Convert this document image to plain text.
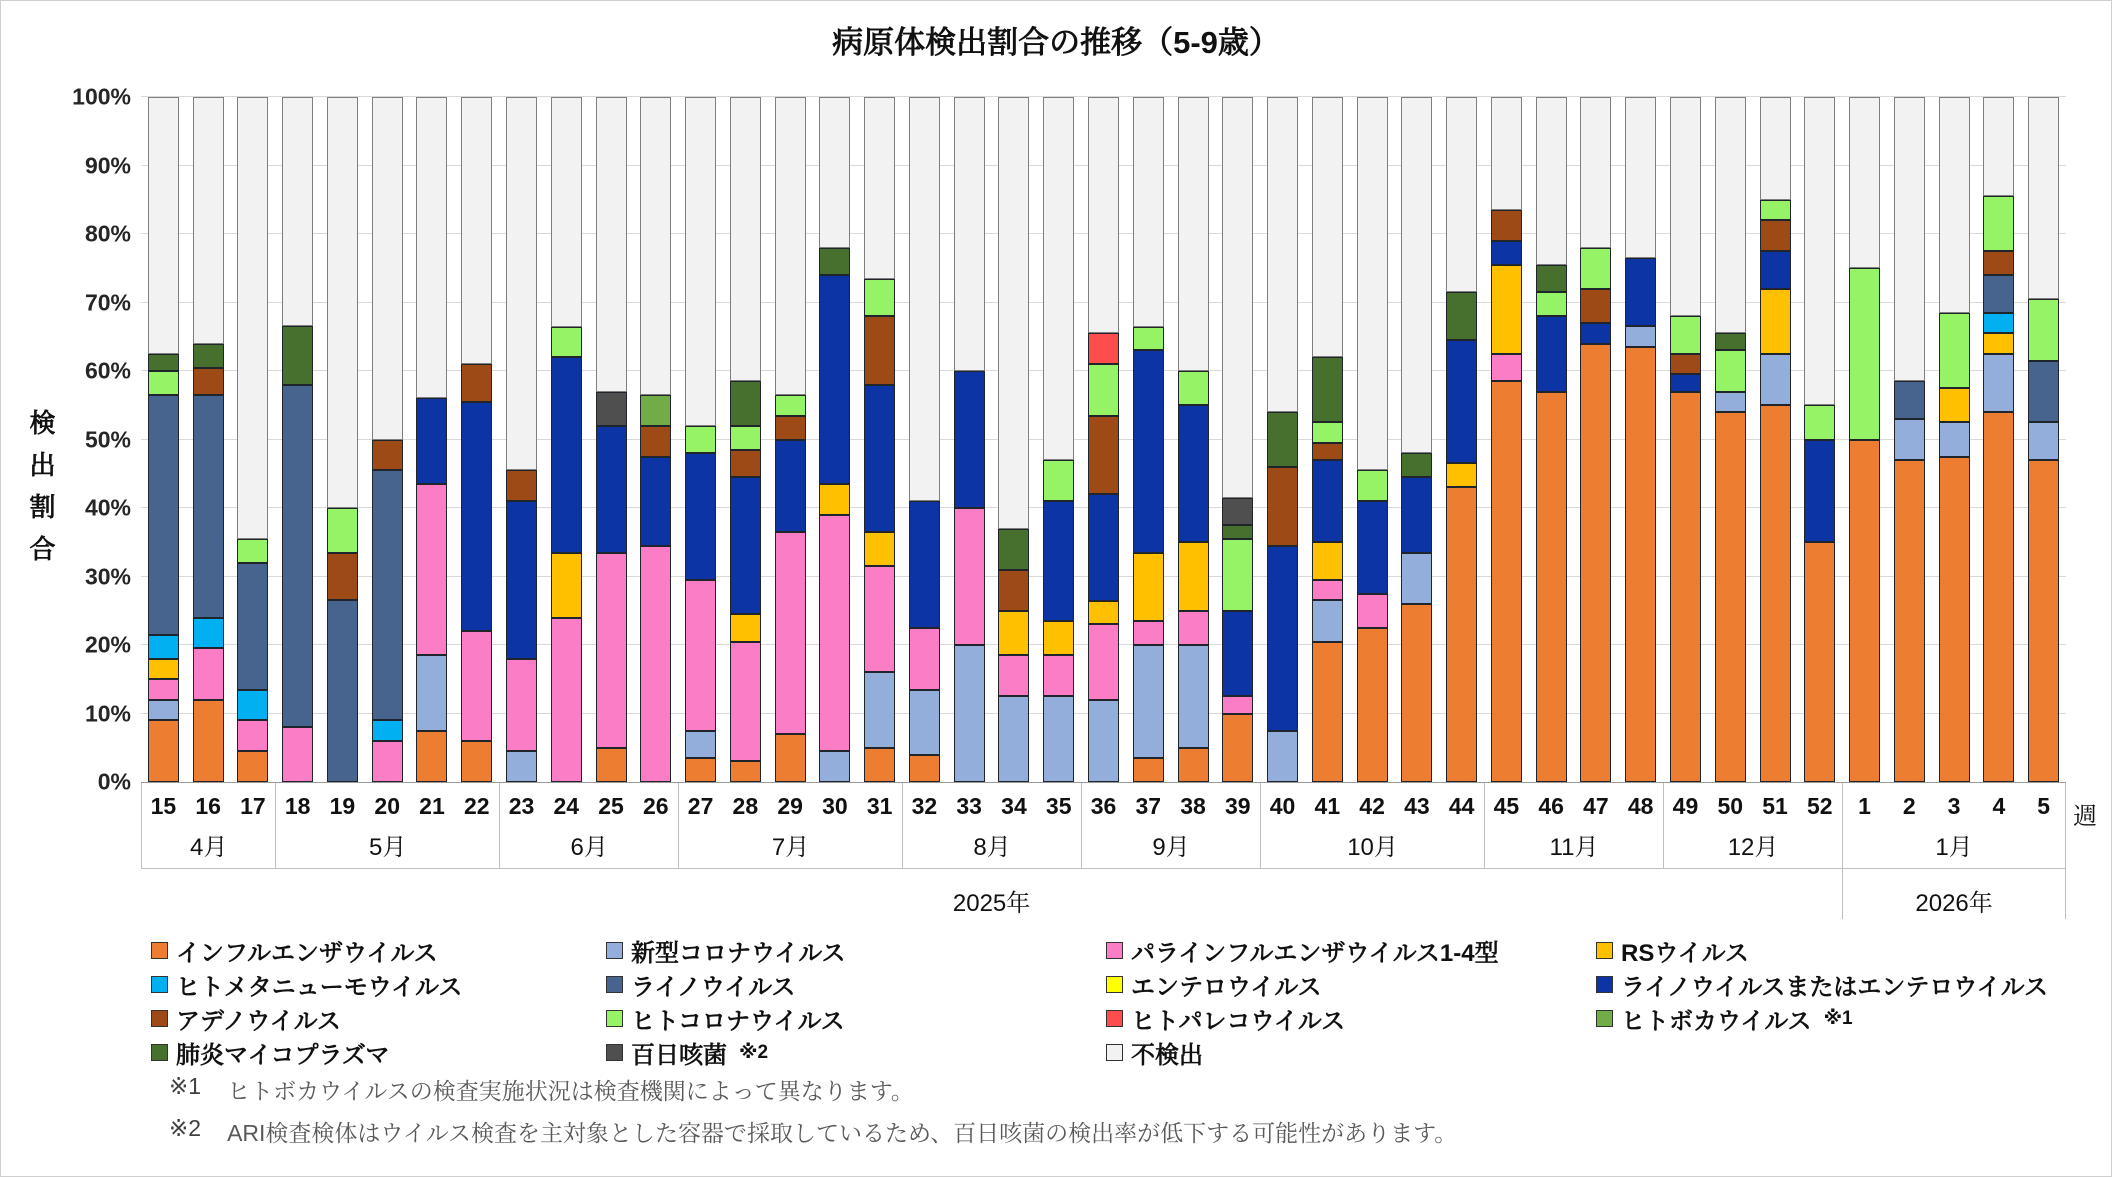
病原体検出割合の推移（5-9歳）
検出割合
0%
10%
20%
30%
40%
50%
60%
70%
80%
90%
100%
4月	5月	6月	7月	8月	9月	10月	11月	12月	1月
15 16 17 18 19 20 21 22 23 24 25 26 27 28 29 30 31 32 33 34 35 36 37 38 39 40 41 42 43 44 45 46 47 48 49 50 51 52	1	2	3	4	5 週
2025年	2026年
インフルエンザウイルス	新型コロナウイルス	パラインフルエンザウイルス1-4型	RSウイルス
ヒトメタニューモウイルス	ライノウイルス	エンテロウイルス	ライノウイルスまたはエンテロウイルス
アデノウイルス	ヒトコロナウイルス	ヒトパレコウイルス	ヒトボカウイルス ※1
肺炎マイコプラズマ	百日咳菌 ※2	不検出
※1 ヒトボカウイルスの検査実施状況は検査機関によって異なります。
※2 ARI検査検体はウイルス検査を主対象とした容器で採取しているため、百日咳菌の検出率が低下する可能性があります。
